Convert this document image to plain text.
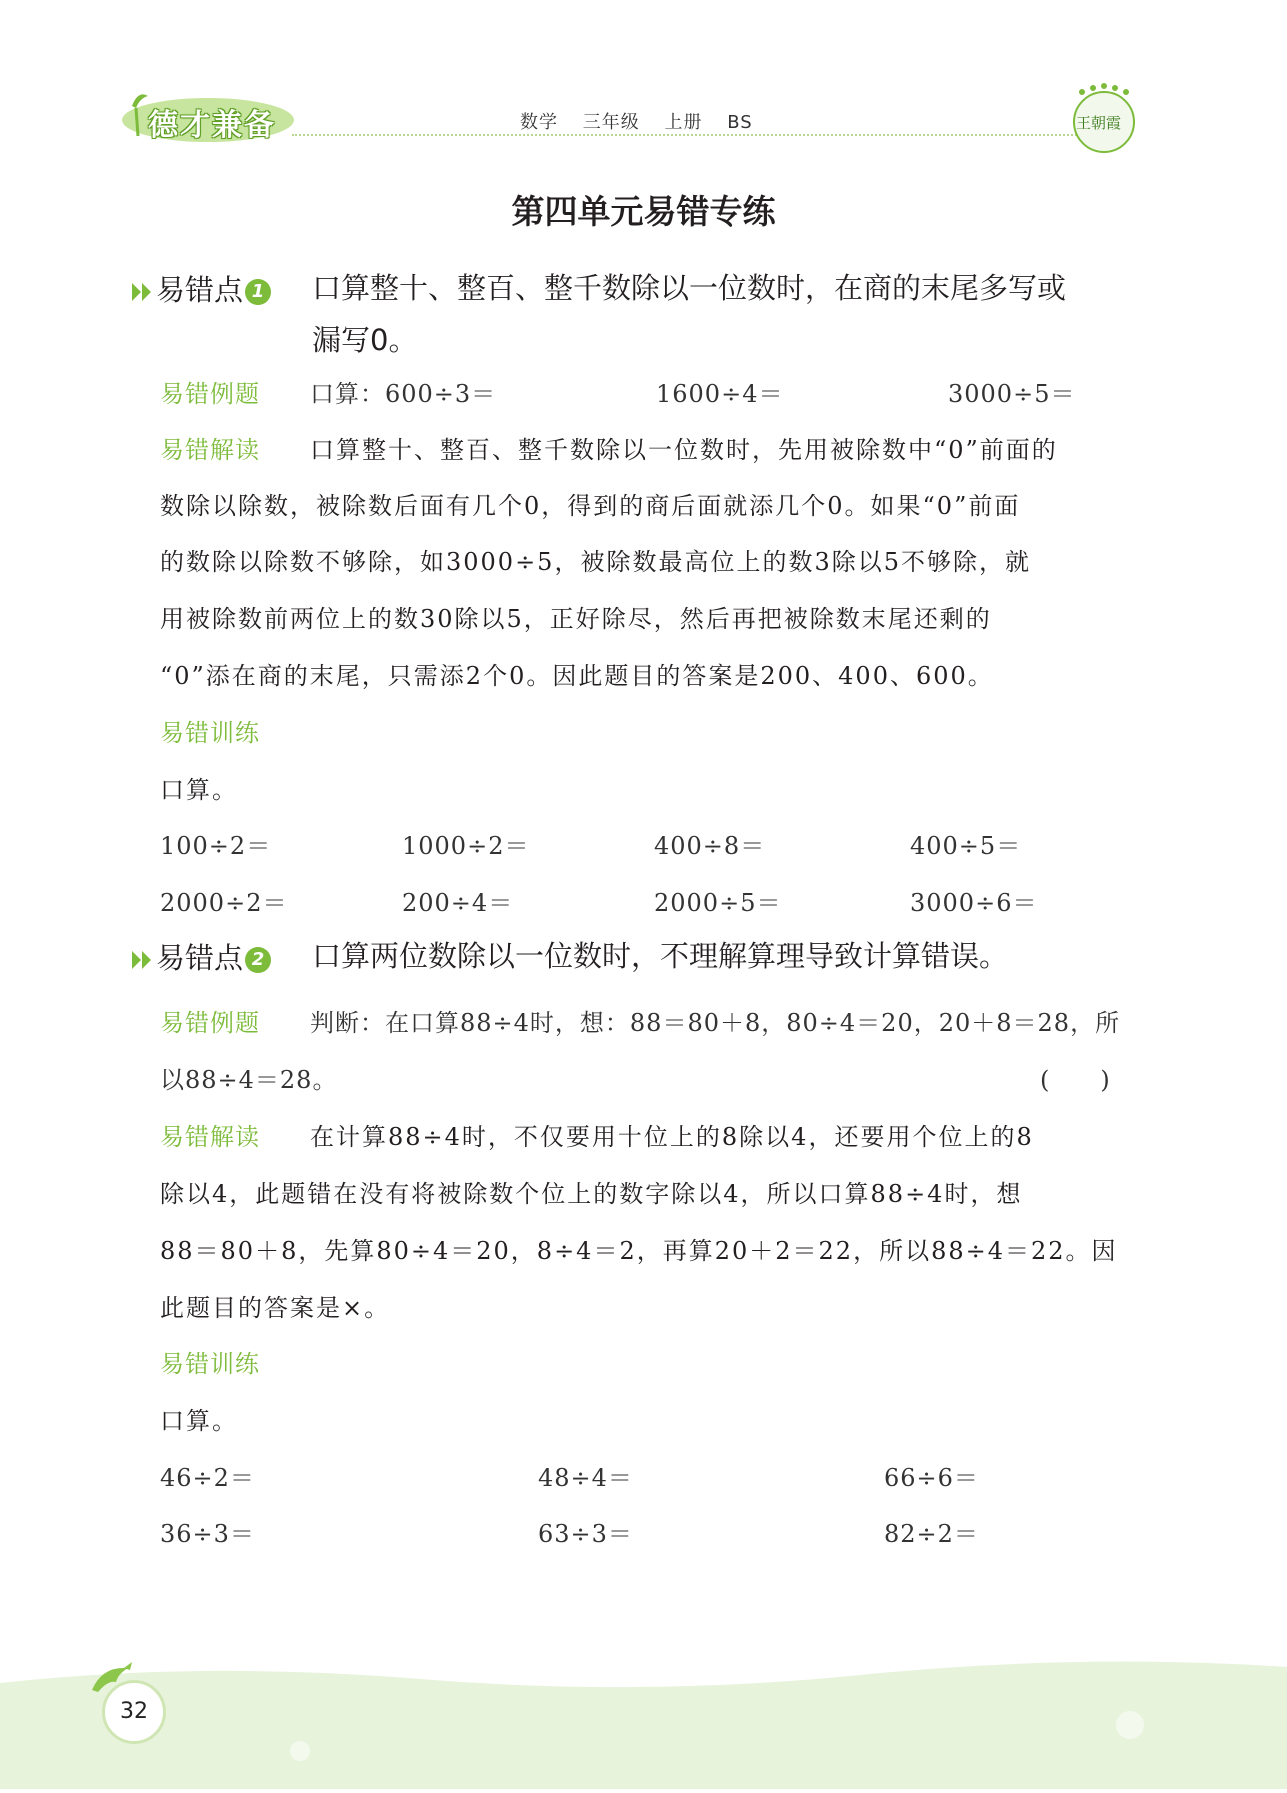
德才兼备	数学 三年级 上册 BS	王朝霞
第四单元易错专练
易错点 1 口算整十、整百、整千数除以一位数时，在商的末尾多写或
漏写0。
易错例题 口算：600÷3＝	1600÷4＝	3000÷5＝
易错解读 口算整十、整百、整千数除以一位数时，先用被除数中“0”前面的
数除以除数，被除数后面有几个0，得到的商后面就添几个0。如果“0”前面
的数除以除数不够除，如3000÷5，被除数最高位上的数3除以5不够除，就
用被除数前两位上的数30除以5，正好除尽，然后再把被除数末尾还剩的
“0”添在商的末尾，只需添2个0。因此题目的答案是200、400、600。
易错训练
口算。
100÷2＝	1000÷2＝	400÷8＝	400÷5＝
2000÷2＝	200÷4＝	2000÷5＝	3000÷6＝
易错点 2 口算两位数除以一位数时，不理解算理导致计算错误。
易错例题 判断：在口算88÷4时，想：88＝80＋8，80÷4＝20，20＋8＝28，所
以88÷4＝28。	(　　)
易错解读 在计算88÷4时，不仅要用十位上的8除以4，还要用个位上的8
除以4，此题错在没有将被除数个位上的数字除以4，所以口算88÷4时，想
88＝80＋8，先算80÷4＝20，8÷4＝2，再算20＋2＝22，所以88÷4＝22。因
此题目的答案是×。
易错训练
口算。
46÷2＝	48÷4＝	66÷6＝
36÷3＝	63÷3＝	82÷2＝
32
